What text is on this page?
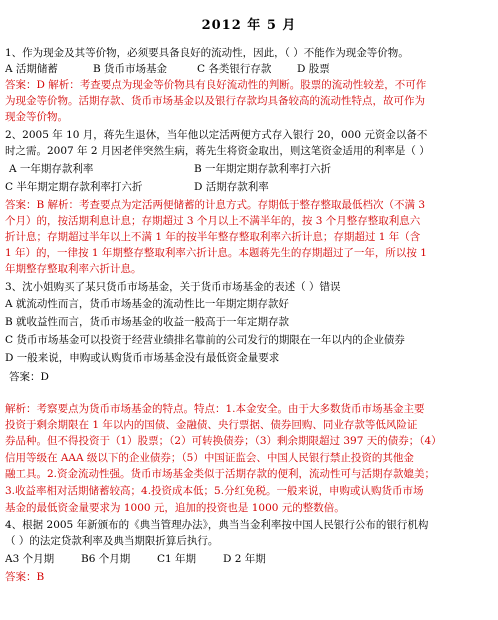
2012 年 5 月
1、作为现金及其等价物，必须要具备良好的流动性，因此，（ ）不能作为现金等价物。
A 活期储蓄	B 货币市场基金	C 各类银行存款 D 股票
答案：D 解析：考查要点为现金等价物具有良好流动性的判断。股票的流动性较差，不可作
为现金等价物。活期存款、货币市场基金以及银行存款均具备较高的流动性特点，故可作为
现金等价物。
2、2005 年 10 月，蒋先生退休，当年他以定活两便方式存入银行 20，000 元资金以备不
时之需。2007 年 2 月因老伴突然生病，蒋先生将资金取出，则这笔资金适用的利率是（ ）
A 一年期存款利率	B 一年期定期存款利率打六折
C 半年期定期存款利率打六折	D 活期存款利率
答案：B 解析：考查要点为定活两便储蓄的计息方式。存期低于整存整取最低档次（不满 3
个月）的，按活期利息计息；存期超过 3 个月以上不满半年的，按 3 个月整存整取利息六
折计息；存期超过半年以上不满 1 年的按半年整存整取利率六折计息；存期超过 1 年（含
1 年）的，一律按 1 年期整存整取利率六折计息。本题蒋先生的存期超过了一年，所以按 1
年期整存整取利率六折计息。
3、沈小姐购买了某只货币市场基金，关于货币市场基金的表述（ ）错误
A 就流动性而言，货币市场基金的流动性比一年期定期存款好
B 就收益性而言，货币市场基金的收益一般高于一年定期存款
C 货币市场基金可以投资于经营业绩排名靠前的公司发行的期限在一年以内的企业债券
D 一般来说，申购或认购货币市场基金没有最低资金量要求
答案：D
解析：考察要点为货币市场基金的特点。特点：1.本金安全。由于大多数货币市场基金主要
投资于剩余期限在 1 年以内的国债、金融债、央行票据、债券回购、同业存款等低风险证
券品种。但不得投资于（1）股票；（2）可转换债券；（3）剩余期限超过 397 天的债券；（4）
信用等级在 AAA 级以下的企业债券；（5）中国证监会、中国人民银行禁止投资的其他金
融工具。2.资金流动性强。货币市场基金类似于活期存款的便利，流动性可与活期存款媲美；
3.收益率相对活期储蓄较高；4.投资成本低；5.分红免税。一般来说，申购或认购货币市场
基金的最低资金量要求为 1000 元，追加的投资也是 1000 元的整数倍。
4、根据 2005 年新颁布的《典当管理办法》，典当当金利率按中国人民银行公布的银行机构
（ ）的法定贷款利率及典当期限折算后执行。
A3 个月期	B6 个月期	C1 年期	D 2 年期
答案：B
